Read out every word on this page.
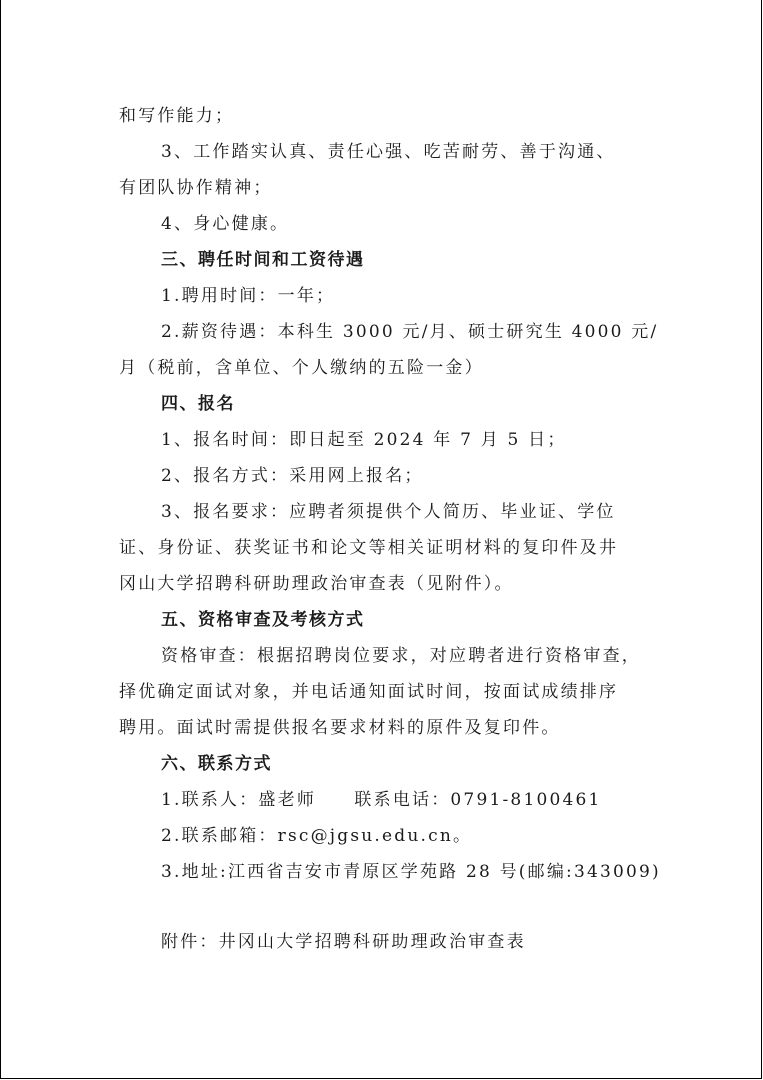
和写作能力；
3、工作踏实认真、责任心强、吃苦耐劳、善于沟通、
有团队协作精神；
4、身心健康。
三、聘任时间和工资待遇
1.聘用时间：一年；
2.薪资待遇：本科生 3000 元/月、硕士研究生 4000 元/
月（税前，含单位、个人缴纳的五险一金）
四、报名
1、报名时间：即日起至 2024 年 7 月 5 日；
2、报名方式：采用网上报名；
3、报名要求：应聘者须提供个人简历、毕业证、学位
证、身份证、获奖证书和论文等相关证明材料的复印件及井
冈山大学招聘科研助理政治审查表（见附件）。
五、资格审查及考核方式
资格审查：根据招聘岗位要求，对应聘者进行资格审查，
择优确定面试对象，并电话通知面试时间，按面试成绩排序
聘用。面试时需提供报名要求材料的原件及复印件。
六、联系方式
1.联系人：盛老师　　联系电话：0791-8100461
2.联系邮箱：rsc@jgsu.edu.cn。
3.地址:江西省吉安市青原区学苑路 28 号(邮编:343009)
附件：井冈山大学招聘科研助理政治审查表
